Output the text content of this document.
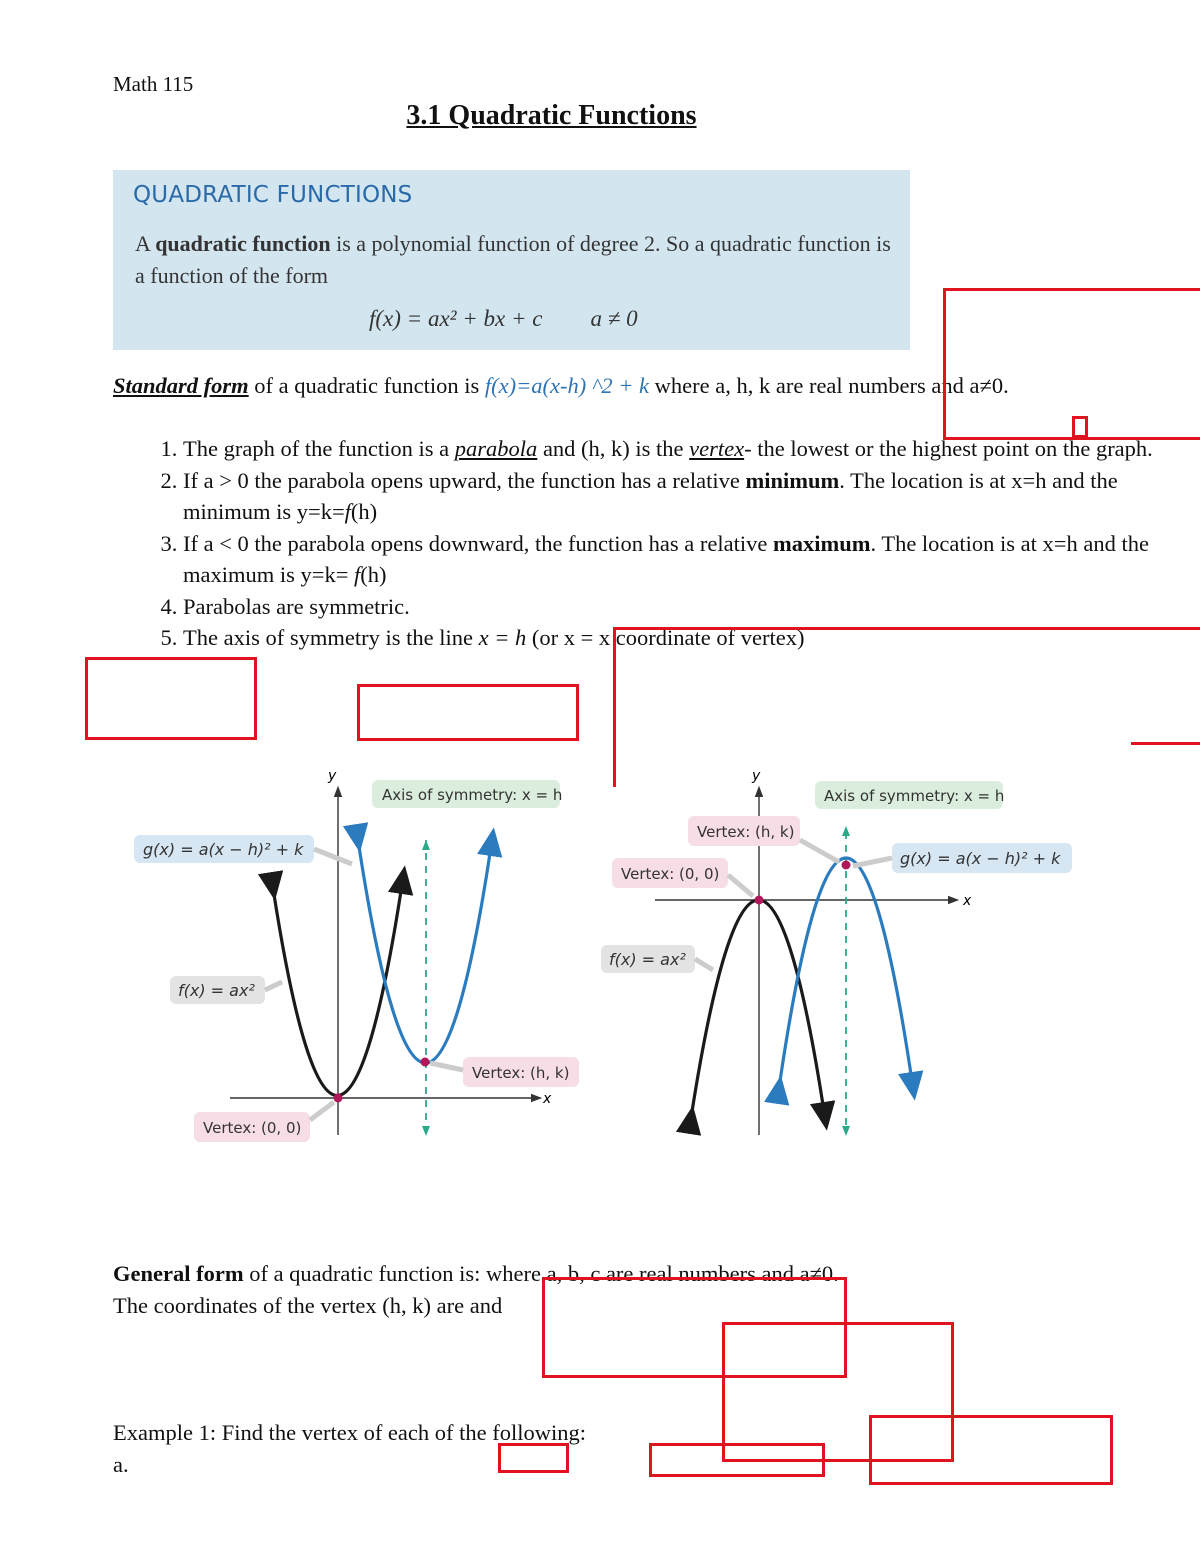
Math 115
3.1 Quadratic Functions
QUADRATIC FUNCTIONS
A quadratic function is a polynomial function of degree 2. So a quadratic function is a function of the form
f(x) = ax² + bx + c a ≠ 0
Standard form of a quadratic function is f(x)=a(x-h) ^2 + k where a, h, k are real numbers and a≠0.
1. The graph of the function is a parabola and (h, k) is the vertex- the lowest or the highest point on the graph.
2. If a > 0 the parabola opens upward, the function has a relative minimum. The location is at x=h and the minimum is y=k=f(h)
3. If a < 0 the parabola opens downward, the function has a relative maximum. The location is at x=h and the maximum is y=k= f(h)
4. Parabolas are symmetric.
5. The axis of symmetry is the line x = h (or x = x coordinate of vertex)
y
x
Axis of symmetry: x = h
g(x) = a(x − h)² + k
f(x) = ax²
Vertex: (h, k)
Vertex: (0, 0)
y
x
Axis of symmetry: x = h
Vertex: (h, k)
Vertex: (0, 0)
g(x) = a(x − h)² + k
f(x) = ax²
General form of a quadratic function is: where a, b, c are real numbers and a≠0.
The coordinates of the vertex (h, k) are and
Example 1: Find the vertex of each of the following:
a.
